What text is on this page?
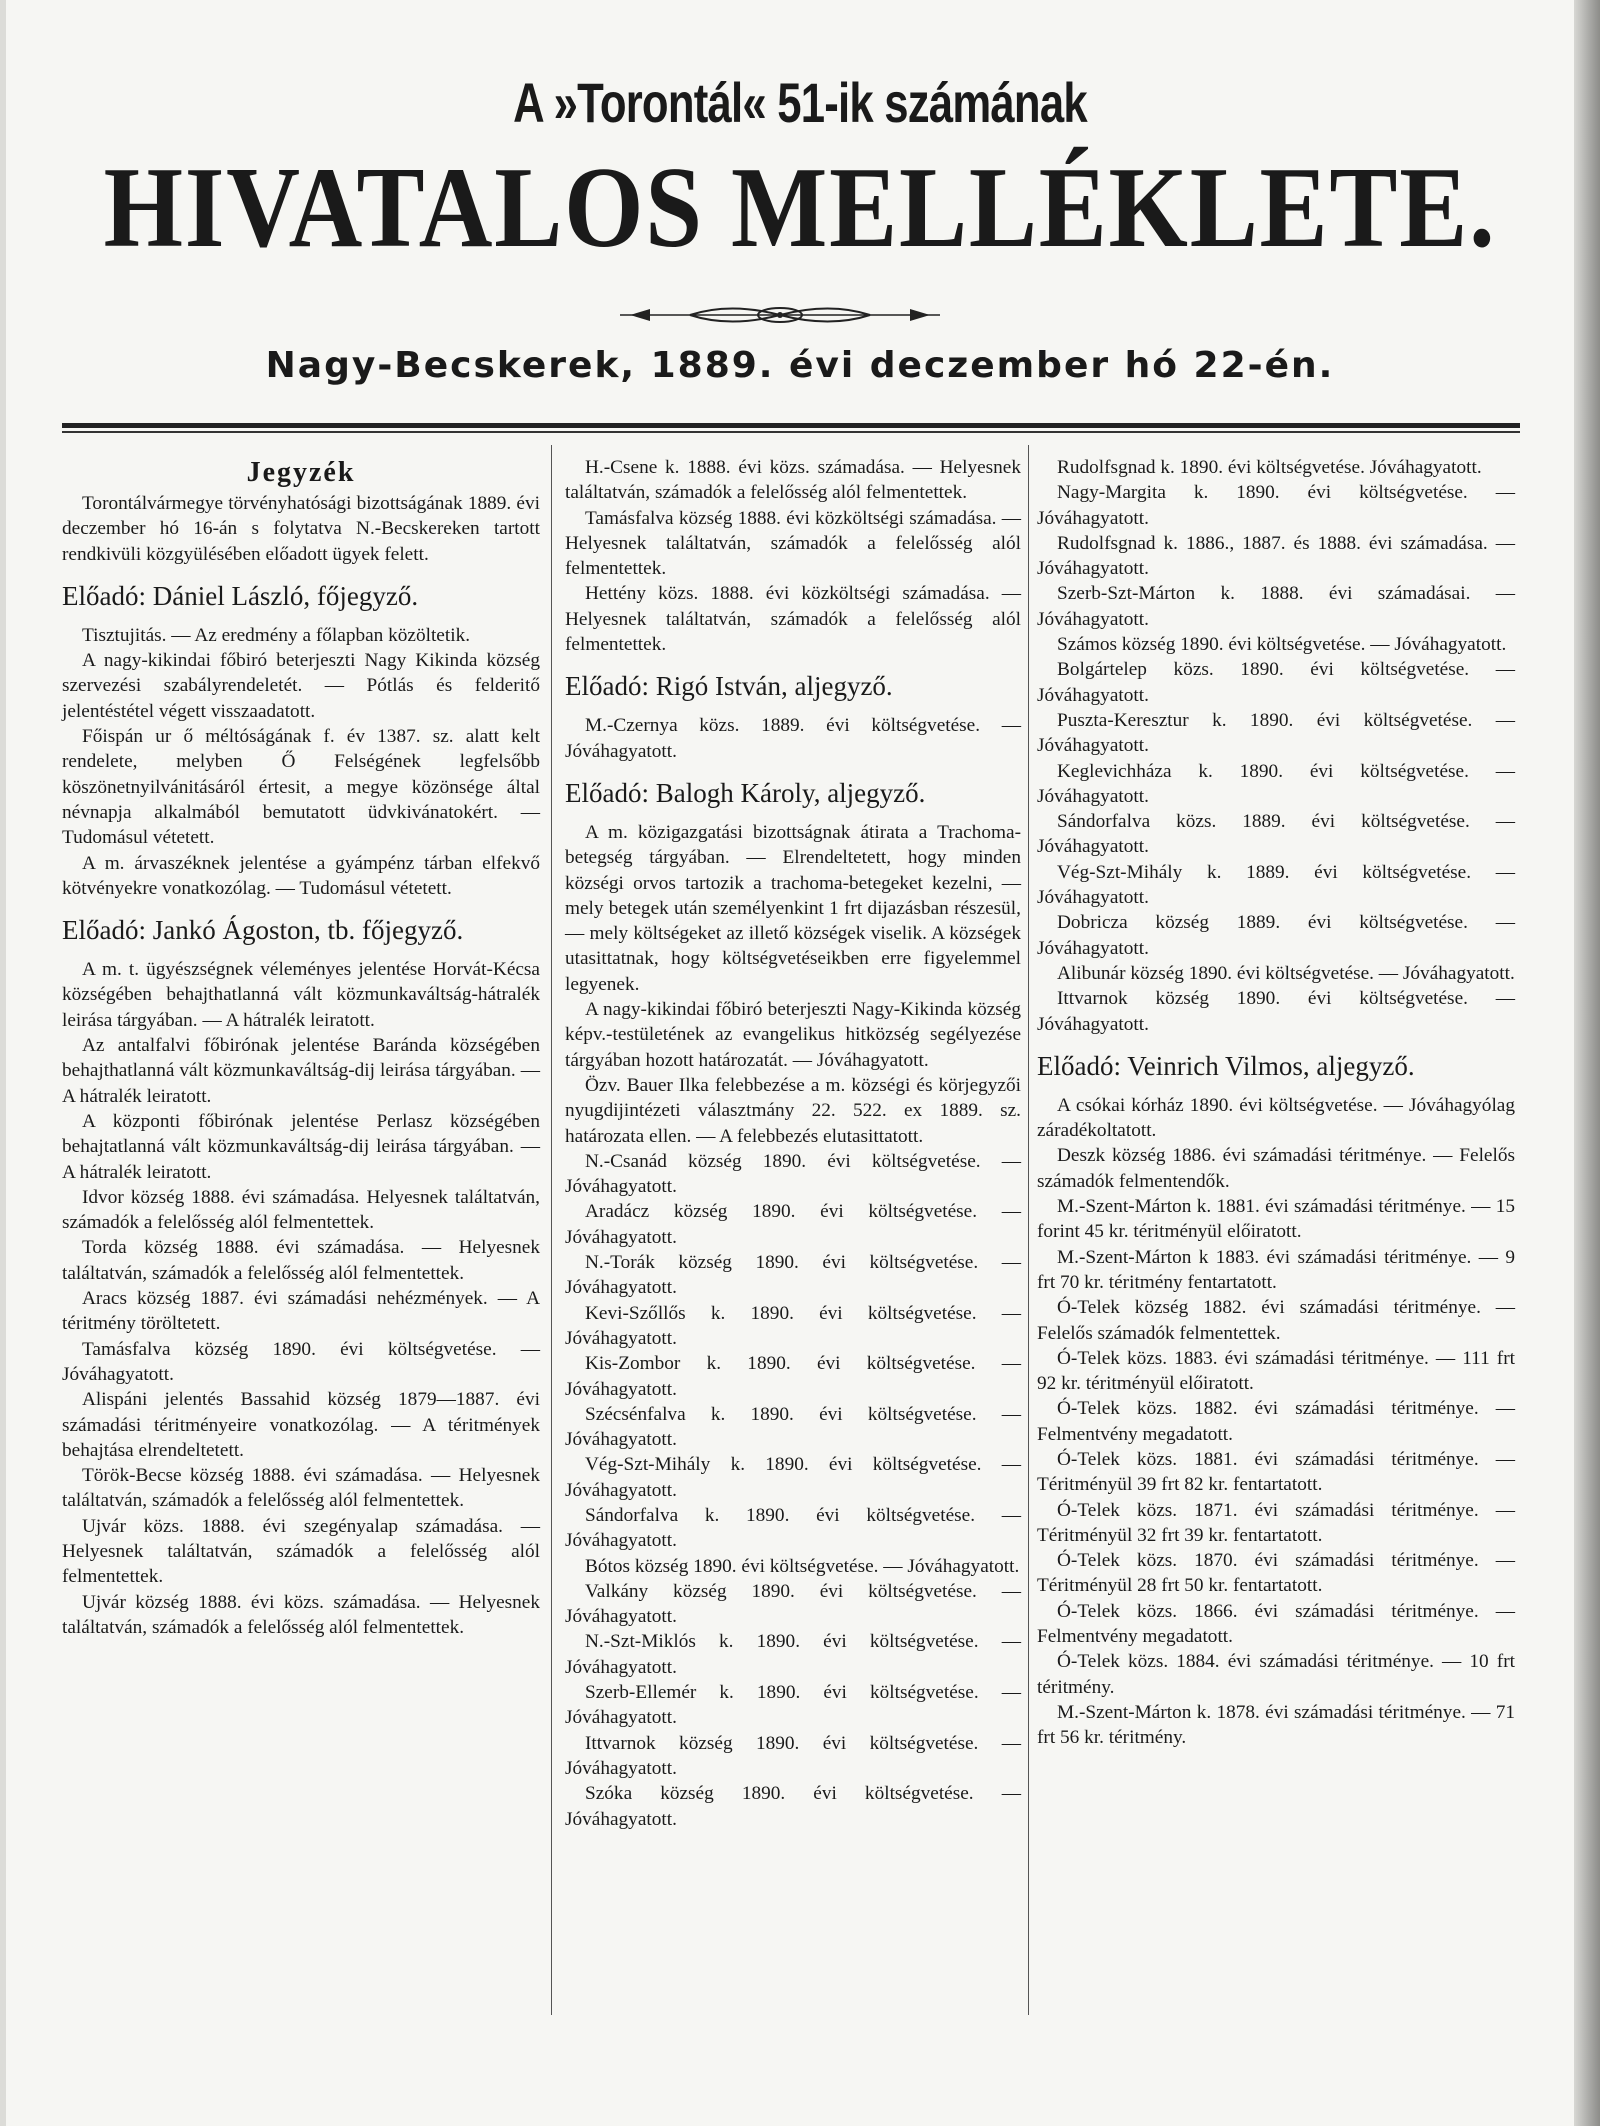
A »Torontál« 51-ik számának
HIVATALOS MELLÉKLETE.
Nagy-Becskerek, 1889. évi deczember hó 22-én.

Jegyzék

Torontálvármegye törvényhatósági bizottságának 1889. évi deczember hó 16-án s folytatva N.-Becskereken tartott rendkivüli közgyülésében előadott ügyek felett.

Előadó: Dániel László, főjegyző.

Tisztujitás. — Az eredmény a főlapban közöltetik.

A nagy-kikindai főbiró beterjeszti Nagy Kikinda község szervezési szabályrendeletét. — Pótlás és felderitő jelentéstétel végett visszaadatott.

Főispán ur ő méltóságának f. év 1387. sz. alatt kelt rendelete, melyben Ő Felségének legfelsőbb köszönetnyilvánitásáról értesit, a megye közönsége által névnapja alkalmából bemutatott üdvkivánatokért. — Tudomásul vétetett.

A m. árvaszéknek jelentése a gyámpénz tárban elfekvő kötvényekre vonatkozólag. — Tudomásul vétetett.

Előadó: Jankó Ágoston, tb. főjegyző.

A m. t. ügyészségnek véleményes jelentése Horvát-Kécsa községében behajthatlanná vált közmunkaváltság-hátralék leirása tárgyában. — A hátralék leiratott.

Az antalfalvi főbirónak jelentése Baránda községében behajthatlanná vált közmunkaváltság-dij leirása tárgyában. — A hátralék leiratott.

A központi főbirónak jelentése Perlasz községében behajtatlanná vált közmunkaváltság-dij leirása tárgyában. — A hátralék leiratott.

Idvor község 1888. évi számadása. Helyesnek találtatván, számadók a felelősség alól felmentettek.

Torda község 1888. évi számadása. — Helyesnek találtatván, számadók a felelősség alól felmentettek.

Aracs község 1887. évi számadási nehézmények. — A téritmény töröltetett.

Tamásfalva község 1890. évi költségvetése. — Jóváhagyatott.

Alispáni jelentés Bassahid község 1879—1887. évi számadási téritményeire vonatkozólag. — A téritmények behajtása elrendeltetett.

Török-Becse község 1888. évi számadása. — Helyesnek találtatván, számadók a felelősség alól felmentettek.

Ujvár közs. 1888. évi szegényalap számadása. — Helyesnek találtatván, számadók a felelősség alól felmentettek.

Ujvár község 1888. évi közs. számadása. — Helyesnek találtatván, számadók a felelősség alól felmentettek.

H.-Csene k. 1888. évi közs. számadása. — Helyesnek találtatván, számadók a felelősség alól felmentettek.

Tamásfalva község 1888. évi közköltségi számadása. — Helyesnek találtatván, számadók a felelősség alól felmentettek.

Hettény közs. 1888. évi közköltségi számadása. — Helyesnek találtatván, számadók a felelősség alól felmentettek.

Előadó: Rigó István, aljegyző.

M.-Czernya közs. 1889. évi költségvetése. — Jóváhagyatott.

Előadó: Balogh Károly, aljegyző.

A m. közigazgatási bizottságnak átirata a Trachoma-betegség tárgyában. — Elrendeltetett, hogy minden községi orvos tartozik a trachoma-betegeket kezelni, — mely betegek után személyenkint 1 frt dijazásban részesül, — mely költségeket az illető községek viselik. A községek utasittatnak, hogy költségvetéseikben erre figyelemmel legyenek.

A nagy-kikindai főbiró beterjeszti Nagy-Kikinda község képv.-testületének az evangelikus hitközség segélyezése tárgyában hozott határozatát. — Jóváhagyatott.

Özv. Bauer Ilka felebbezése a m. községi és körjegyzői nyugdijintézeti választmány 22. 522. ex 1889. sz. határozata ellen. — A felebbezés elutasittatott.

N.-Csanád község 1890. évi költségvetése. — Jóváhagyatott.

Aradácz község 1890. évi költségvetése. — Jóváhagyatott.

N.-Torák község 1890. évi költségvetése. — Jóváhagyatott.

Kevi-Szőllős k. 1890. évi költségvetése. — Jóváhagyatott.

Kis-Zombor k. 1890. évi költségvetése. — Jóváhagyatott.

Szécsénfalva k. 1890. évi költségvetése. — Jóváhagyatott.

Vég-Szt-Mihály k. 1890. évi költségvetése. — Jóváhagyatott.

Sándorfalva k. 1890. évi költségvetése. — Jóváhagyatott.

Bótos község 1890. évi költségvetése. — Jóváhagyatott.

Valkány község 1890. évi költségvetése. — Jóváhagyatott.

N.-Szt-Miklós k. 1890. évi költségvetése. — Jóváhagyatott.

Szerb-Ellemér k. 1890. évi költségvetése. — Jóváhagyatott.

Ittvarnok község 1890. évi költségvetése. — Jóváhagyatott.

Szóka község 1890. évi költségvetése. — Jóváhagyatott.

Rudolfsgnad k. 1890. évi költségvetése. Jóváhagyatott.

Nagy-Margita k. 1890. évi költségvetése. — Jóváhagyatott.

Rudolfsgnad k. 1886., 1887. és 1888. évi számadása. — Jóváhagyatott.

Szerb-Szt-Márton k. 1888. évi számadásai. — Jóváhagyatott.

Számos község 1890. évi költségvetése. — Jóváhagyatott.

Bolgártelep közs. 1890. évi költségvetése. — Jóváhagyatott.

Puszta-Keresztur k. 1890. évi költségvetése. — Jóváhagyatott.

Keglevichháza k. 1890. évi költségvetése. — Jóváhagyatott.

Sándorfalva közs. 1889. évi költségvetése. — Jóváhagyatott.

Vég-Szt-Mihály k. 1889. évi költségvetése. — Jóváhagyatott.

Dobricza község 1889. évi költségvetése. — Jóváhagyatott.

Alibunár község 1890. évi költségvetése. — Jóváhagyatott.

Ittvarnok község 1890. évi költségvetése. — Jóváhagyatott.

Előadó: Veinrich Vilmos, aljegyző.

A csókai kórház 1890. évi költségvetése. — Jóváhagyólag záradékoltatott.

Deszk község 1886. évi számadási téritménye. — Felelős számadók felmentendők.

M.-Szent-Márton k. 1881. évi számadási téritménye. — 15 forint 45 kr. téritményül előiratott.

M.-Szent-Márton k 1883. évi számadási téritménye. — 9 frt 70 kr. téritmény fentartatott.

Ó-Telek község 1882. évi számadási téritménye. — Felelős számadók felmentettek.

Ó-Telek közs. 1883. évi számadási téritménye. — 111 frt 92 kr. téritményül előiratott.

Ó-Telek közs. 1882. évi számadási téritménye. — Felmentvény megadatott.

Ó-Telek közs. 1881. évi számadási téritménye. — Téritményül 39 frt 82 kr. fentartatott.

Ó-Telek közs. 1871. évi számadási téritménye. — Téritményül 32 frt 39 kr. fentartatott.

Ó-Telek közs. 1870. évi számadási téritménye. — Téritményül 28 frt 50 kr. fentartatott.

Ó-Telek közs. 1866. évi számadási téritménye. — Felmentvény megadatott.

Ó-Telek közs. 1884. évi számadási téritménye. — 10 frt téritmény.

M.-Szent-Márton k. 1878. évi számadási téritménye. — 71 frt 56 kr. téritmény.
